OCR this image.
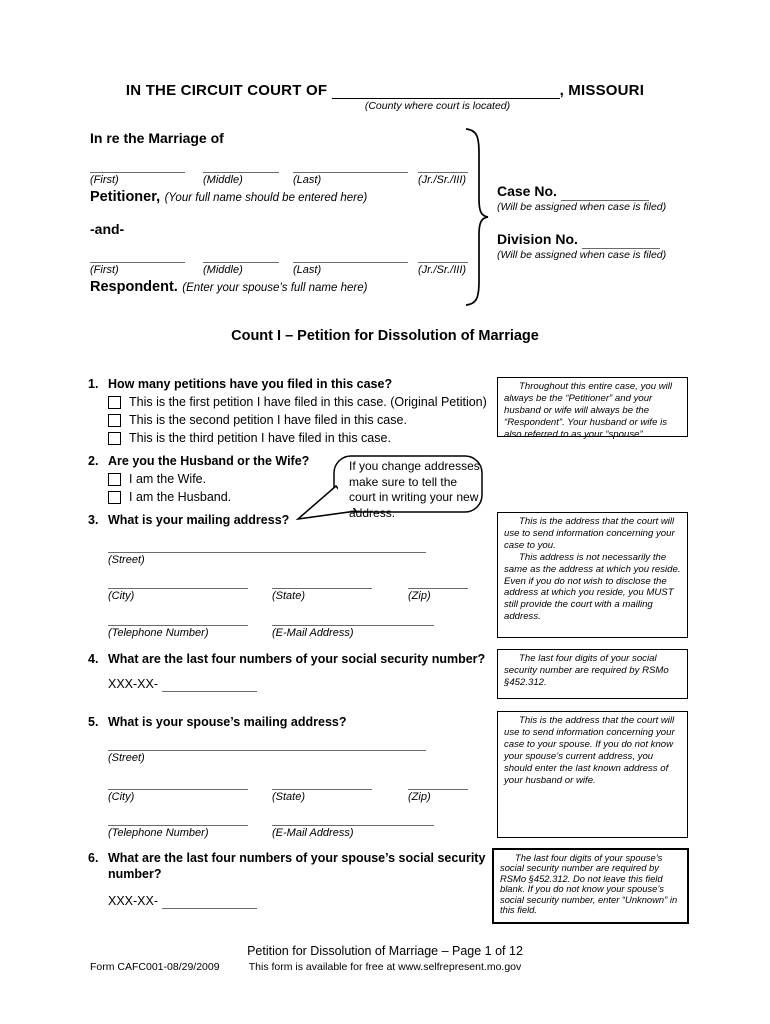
IN THE CIRCUIT COURT OF	, MISSOURI
(County where court is located)
In re the Marriage of
(First)	(Middle)	(Last)	(Jr./Sr./III)
Petitioner, (Your full name should be entered here)
-and-
(First)	(Middle)	(Last)	(Jr./Sr./III)
Respondent. (Enter your spouse’s full name here)
Case No.
(Will be assigned when case is filed)
Division No.
(Will be assigned when case is filed)
Count I – Petition for Dissolution of Marriage
1. How many petitions have you filed in this case?
This is the first petition I have filed in this case. (Original Petition)
This is the second petition I have filed in this case.
This is the third petition I have filed in this case.

Throughout this entire case, you will always be the “Petitioner” and your husband or wife will always be the “Respondent”. Your husband or wife is also referred to as your “spouse”.

2. Are you the Husband or the Wife?
I am the Wife.
I am the Husband.
If you change addresses, make sure to tell the court in writing your new address.
3. What is your mailing address?	This is the address that the court will use to send information concerning your case to you.

This address is not necessarily the same as the address at which you reside. Even if you do not wish to disclose the address at which you reside, you MUST still provide the court with a mailing address.

(Street)
(City)	(State)	(Zip)
(Telephone Number)	(E-Mail Address)
4. What are the last four numbers of your social security number?
XXX-XX-

The last four digits of your social security number are required by RSMo §452.312.

5. What is your spouse’s mailing address?	This is the address that the court will use to send information concerning your case to your spouse. If you do not know your spouse’s current address, you should enter the last known address of your husband or wife.

(Street)
(City)	(State)	(Zip)
(Telephone Number)	(E-Mail Address)
6. What are the last four numbers of your spouse’s social security number?
XXX-XX-

The last four digits of your spouse’s social security number are required by RSMo §452.312. Do not leave this field blank. If you do not know your spouse’s social security number, enter “Unknown” in this field.

Petition for Dissolution of Marriage – Page 1 of 12
Form CAFC001-08/29/2009	This form is available for free at www.selfrepresent.mo.gov
